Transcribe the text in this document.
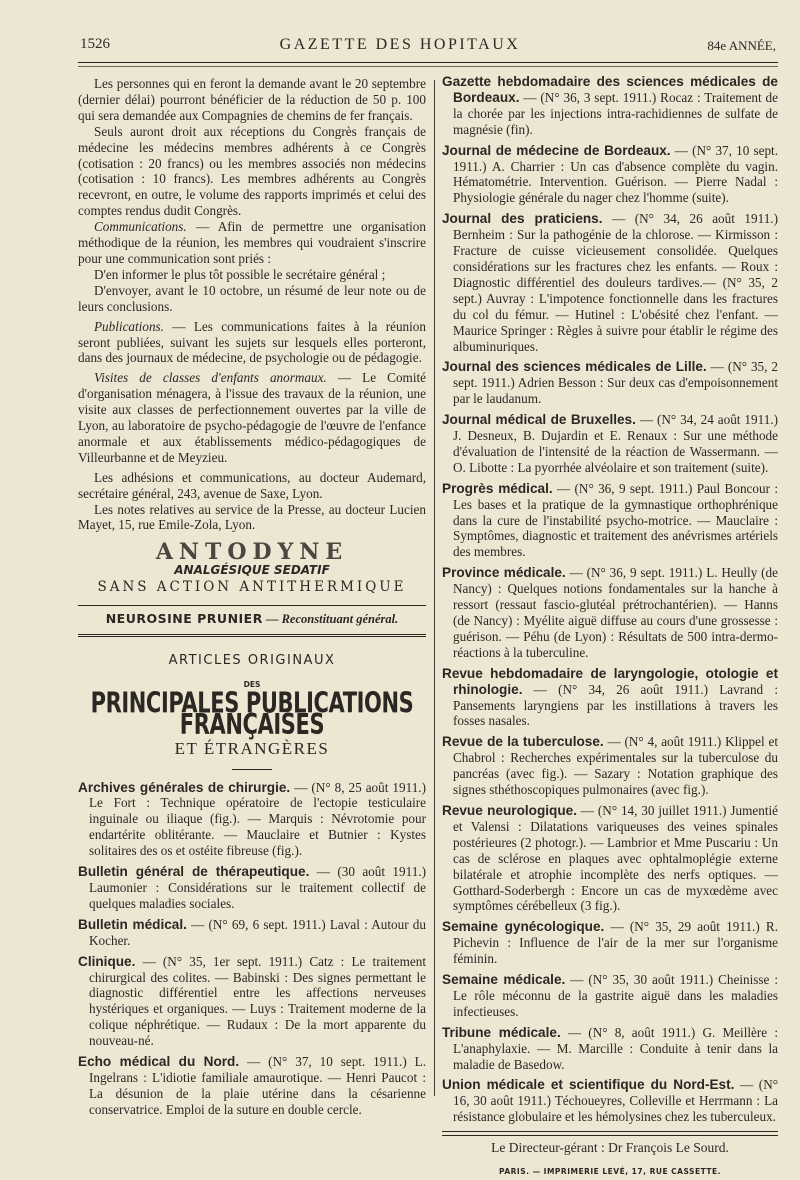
1526	GAZETTE DES HOPITAUX	84e ANNÉE,

Les personnes qui en feront la demande avant le 20 septembre (dernier délai) pourront bénéficier de la réduction de 50 p. 100 qui sera demandée aux Compagnies de chemins de fer français.

Seuls auront droit aux réceptions du Congrès français de médecine les médecins membres adhérents à ce Congrès (cotisation : 20 francs) ou les membres associés non médecins (cotisation : 10 francs). Les membres adhérents au Congrès recevront, en outre, le volume des rapports imprimés et celui des comptes rendus dudit Congrès.

Communications. — Afin de permettre une organisation méthodique de la réunion, les membres qui voudraient s'inscrire pour une communication sont priés :

D'en informer le plus tôt possible le secrétaire général ;

D'envoyer, avant le 10 octobre, un résumé de leur note ou de leurs conclusions.

Publications. — Les communications faites à la réunion seront publiées, suivant les sujets sur lesquels elles porteront, dans des journaux de médecine, de psychologie ou de pédagogie.

Visites de classes d'enfants anormaux. — Le Comité d'organisation ménagera, à l'issue des travaux de la réunion, une visite aux classes de perfectionnement ouvertes par la ville de Lyon, au laboratoire de psycho-pédagogie de l'œuvre de l'enfance anormale et aux établissements médico-pédagogiques de Villeurbanne et de Meyzieu.

Les adhésions et communications, au docteur Audemard, secrétaire général, 243, avenue de Saxe, Lyon.

Les notes relatives au service de la Presse, au docteur Lucien Mayet, 15, rue Emile-Zola, Lyon.

ANTODYNE
ANALGÉSIQUE SEDATIF
SANS ACTION ANTITHERMIQUE
NEUROSINE PRUNIER — Reconstituant général.
ARTICLES ORIGINAUX
DES
PRINCIPALES PUBLICATIONS FRANÇAISES
ET ÉTRANGÈRES

Archives générales de chirurgie. — (N° 8, 25 août 1911.) Le Fort : Technique opératoire de l'ectopie testiculaire inguinale ou iliaque (fig.). — Marquis : Névrotomie pour endartérite oblitérante. — Mauclaire et Butnier : Kystes solitaires des os et ostéite fibreuse (fig.).

Bulletin général de thérapeutique. — (30 août 1911.) Laumonier : Considérations sur le traitement collectif de quelques maladies sociales.

Bulletin médical. — (N° 69, 6 sept. 1911.) Laval : Autour du Kocher.

Clinique. — (N° 35, 1er sept. 1911.) Catz : Le traitement chirurgical des colites. — Babinski : Des signes permettant le diagnostic différentiel entre les affections nerveuses hystériques et organiques. — Luys : Traitement moderne de la colique néphrétique. — Rudaux : De la mort apparente du nouveau-né.

Echo médical du Nord. — (N° 37, 10 sept. 1911.) L. Ingelrans : L'idiotie familiale amaurotique. — Henri Paucot : La désunion de la plaie utérine dans la césarienne conservatrice. Emploi de la suture en double cercle.

Gazette hebdomadaire des sciences médicales de Bordeaux. — (N° 36, 3 sept. 1911.) Rocaz : Traitement de la chorée par les injections intra-rachidiennes de sulfate de magnésie (fin).

Journal de médecine de Bordeaux. — (N° 37, 10 sept. 1911.) A. Charrier : Un cas d'absence complète du vagin. Hématométrie. Intervention. Guérison. — Pierre Nadal : Physiologie générale du nager chez l'homme (suite).

Journal des praticiens. — (N° 34, 26 août 1911.) Bernheim : Sur la pathogénie de la chlorose. — Kirmisson : Fracture de cuisse vicieusement consolidée. Quelques considérations sur les fractures chez les enfants. — Roux : Diagnostic différentiel des douleurs tardives.— (N° 35, 2 sept.) Auvray : L'impotence fonctionnelle dans les fractures du col du fémur. — Hutinel : L'obésité chez l'enfant. — Maurice Springer : Règles à suivre pour établir le régime des albuminuriques.

Journal des sciences médicales de Lille. — (N° 35, 2 sept. 1911.) Adrien Besson : Sur deux cas d'empoisonnement par le laudanum.

Journal médical de Bruxelles. — (N° 34, 24 août 1911.) J. Desneux, B. Dujardin et E. Renaux : Sur une méthode d'évaluation de l'intensité de la réaction de Wassermann. — O. Libotte : La pyorrhée alvéolaire et son traitement (suite).

Progrès médical. — (N° 36, 9 sept. 1911.) Paul Boncour : Les bases et la pratique de la gymnastique orthophrénique dans la cure de l'instabilité psycho-motrice. — Mauclaire : Symptômes, diagnostic et traitement des anévrismes artériels des membres.

Province médicale. — (N° 36, 9 sept. 1911.) L. Heully (de Nancy) : Quelques notions fondamentales sur la hanche à ressort (ressaut fascio-glutéal prétrochantérien). — Hanns (de Nancy) : Myélite aiguë diffuse au cours d'une grossesse : guérison. — Péhu (de Lyon) : Résultats de 500 intra-dermo-réactions à la tuberculine.

Revue hebdomadaire de laryngologie, otologie et rhinologie. — (N° 34, 26 août 1911.) Lavrand : Pansements laryngiens par les instillations à travers les fosses nasales.

Revue de la tuberculose. — (N° 4, août 1911.) Klippel et Chabrol : Recherches expérimentales sur la tuberculose du pancréas (avec fig.). — Sazary : Notation graphique des signes sthéthoscopiques pulmonaires (avec fig.).

Revue neurologique. — (N° 14, 30 juillet 1911.) Jumentié et Valensi : Dilatations variqueuses des veines spinales postérieures (2 photogr.). — Lambrior et Mme Puscariu : Un cas de sclérose en plaques avec ophtalmoplégie externe bilatérale et atrophie incomplète des nerfs optiques. — Gotthard-Soderbergh : Encore un cas de myxœdème avec symptômes cérébelleux (3 fig.).

Semaine gynécologique. — (N° 35, 29 août 1911.) R. Pichevin : Influence de l'air de la mer sur l'organisme féminin.

Semaine médicale. — (N° 35, 30 août 1911.) Cheinisse : Le rôle méconnu de la gastrite aiguë dans les maladies infectieuses.

Tribune médicale. — (N° 8, août 1911.) G. Meillère : L'anaphylaxie. — M. Marcille : Conduite à tenir dans la maladie de Basedow.

Union médicale et scientifique du Nord-Est. — (N° 16, 30 août 1911.) Téchoueyres, Colleville et Herrmann : La résistance globulaire et les hémolysines chez les tuberculeux.

Le Directeur-gérant : Dr François Le Sourd.
PARIS. — IMPRIMERIE LEVÉ, 17, RUE CASSETTE.
